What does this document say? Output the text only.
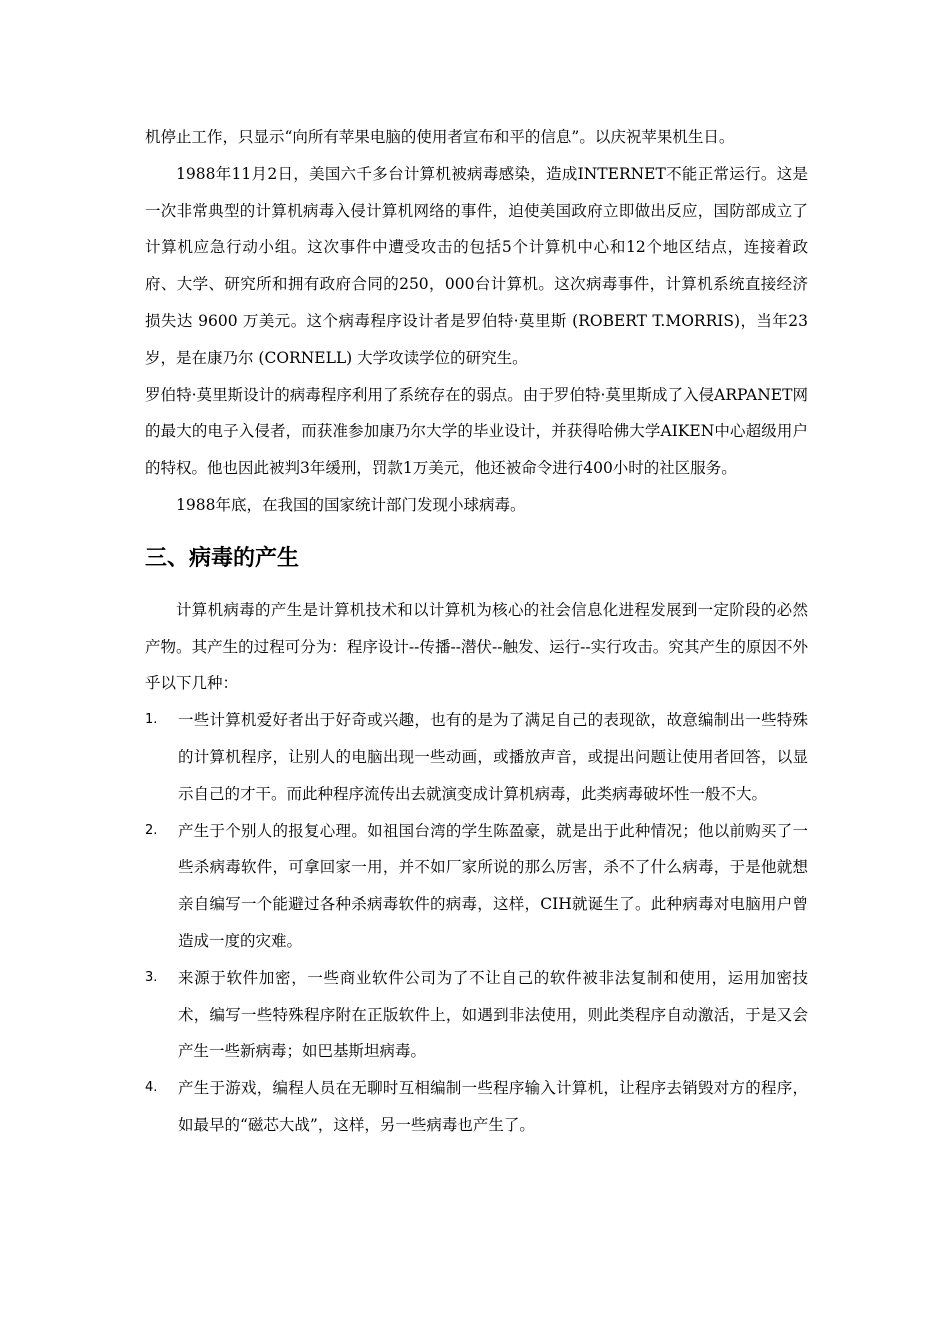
机停止工作，只显示“向所有苹果电脑的使用者宣布和平的信息”。以庆祝苹果机生日。

1988年11月2日，美国六千多台计算机被病毒感染，造成INTERNET不能正常运行。这是一次非常典型的计算机病毒入侵计算机网络的事件，迫使美国政府立即做出反应，国防部成立了计算机应急行动小组。这次事件中遭受攻击的包括5个计算机中心和12个地区结点，连接着政府、大学、研究所和拥有政府合同的250，000台计算机。这次病毒事件，计算机系统直接经济损失达 9600 万美元。这个病毒程序设计者是罗伯特·莫里斯 (ROBERT T.MORRIS)，当年23岁，是在康乃尔 (CORNELL) 大学攻读学位的研究生。

罗伯特·莫里斯设计的病毒程序利用了系统存在的弱点。由于罗伯特·莫里斯成了入侵ARPANET网的最大的电子入侵者，而获准参加康乃尔大学的毕业设计，并获得哈佛大学AIKEN中心超级用户的特权。他也因此被判3年缓刑，罚款1万美元，他还被命令进行400小时的社区服务。

1988年底，在我国的国家统计部门发现小球病毒。

三、病毒的产生

计算机病毒的产生是计算机技术和以计算机为核心的社会信息化进程发展到一定阶段的必然产物。其产生的过程可分为：程序设计--传播--潜伏--触发、运行--实行攻击。究其产生的原因不外乎以下几种：

1. 一些计算机爱好者出于好奇或兴趣，也有的是为了满足自己的表现欲，故意编制出一些特殊的计算机程序，让别人的电脑出现一些动画，或播放声音，或提出问题让使用者回答，以显示自己的才干。而此种程序流传出去就演变成计算机病毒，此类病毒破坏性一般不大。
2. 产生于个别人的报复心理。如祖国台湾的学生陈盈豪，就是出于此种情况；他以前购买了一些杀病毒软件，可拿回家一用，并不如厂家所说的那么厉害，杀不了什么病毒，于是他就想亲自编写一个能避过各种杀病毒软件的病毒，这样，CIH就诞生了。此种病毒对电脑用户曾造成一度的灾难。
3. 来源于软件加密，一些商业软件公司为了不让自己的软件被非法复制和使用，运用加密技术，编写一些特殊程序附在正版软件上，如遇到非法使用，则此类程序自动激活，于是又会产生一些新病毒；如巴基斯坦病毒。
4. 产生于游戏，编程人员在无聊时互相编制一些程序输入计算机，让程序去销毁对方的程序，如最早的“磁芯大战”，这样，另一些病毒也产生了。
